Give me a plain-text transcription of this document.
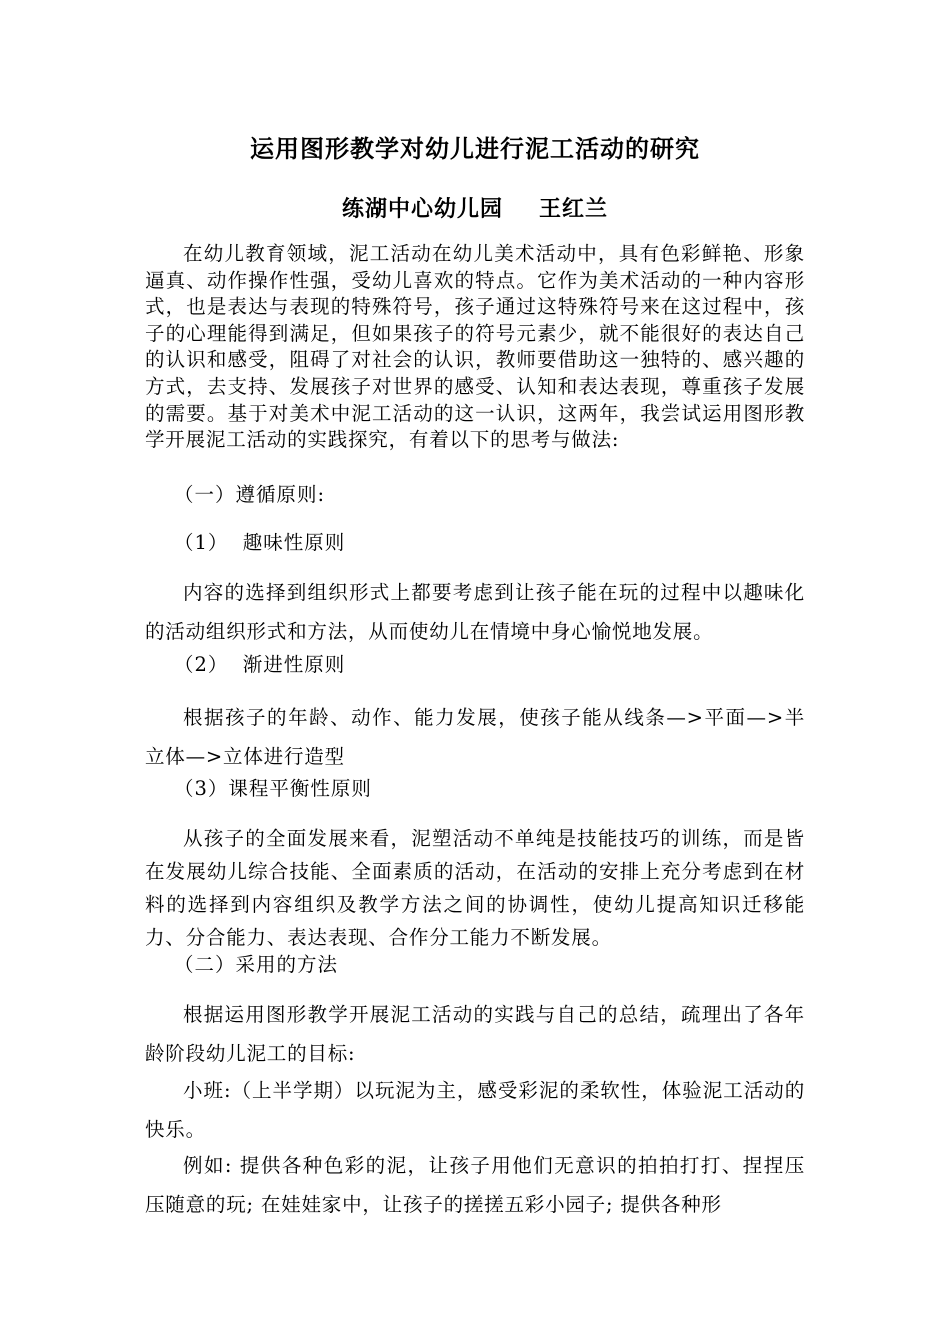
运用图形教学对幼儿进行泥工活动的研究
练湖中心幼儿园 王红兰

在幼儿教育领域，泥工活动在幼儿美术活动中，具有色彩鲜艳、形象逼真、动作操作性强，受幼儿喜欢的特点。它作为美术活动的一种内容形式，也是表达与表现的特殊符号，孩子通过这特殊符号来在这过程中，孩子的心理能得到满足，但如果孩子的符号元素少，就不能很好的表达自己的认识和感受，阻碍了对社会的认识，教师要借助这一独特的、感兴趣的方式，去支持、发展孩子对世界的感受、认知和表达表现，尊重孩子发展的需要。基于对美术中泥工活动的这一认识，这两年，我尝试运用图形教学开展泥工活动的实践探究，有着以下的思考与做法:

（一）遵循原则:
（1）  趣味性原则

内容的选择到组织形式上都要考虑到让孩子能在玩的过程中以趣味化的活动组织形式和方法，从而使幼儿在情境中身心愉悦地发展。

（2）  渐进性原则

根据孩子的年龄、动作、能力发展，使孩子能从线条—>平面—>半立体—>立体进行造型

（3）课程平衡性原则

从孩子的全面发展来看，泥塑活动不单纯是技能技巧的训练，而是皆在发展幼儿综合技能、全面素质的活动，在活动的安排上充分考虑到在材料的选择到内容组织及教学方法之间的协调性，使幼儿提高知识迁移能力、分合能力、表达表现、合作分工能力不断发展。

（二）采用的方法

根据运用图形教学开展泥工活动的实践与自己的总结，疏理出了各年龄阶段幼儿泥工的目标:

小班:（上半学期）以玩泥为主，感受彩泥的柔软性，体验泥工活动的快乐。

例如: 提供各种色彩的泥，让孩子用他们无意识的拍拍打打、捏捏压压随意的玩; 在娃娃家中，让孩子的搓搓五彩小园子; 提供各种形
